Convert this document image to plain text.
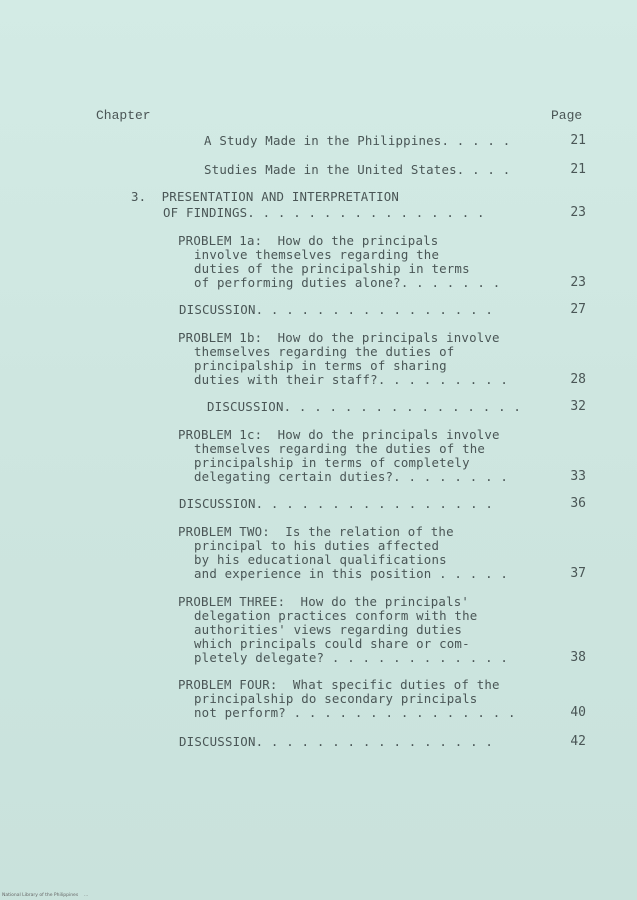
Chapter	Page
A Study Made in the Philippines. . . . .	21
Studies Made in the United States. . . .	21
3.  PRESENTATION AND INTERPRETATION
OF FINDINGS. . . . . . . . . . . . . . . .	23
PROBLEM 1a:  How do the principals
involve themselves regarding the
duties of the principalship in terms
of performing duties alone?. . . . . . .	23
DISCUSSION. . . . . . . . . . . . . . . .	27
PROBLEM 1b:  How do the principals involve
themselves regarding the duties of
principalship in terms of sharing
duties with their staff?. . . . . . . . .	28
DISCUSSION. . . . . . . . . . . . . . . .	32
PROBLEM 1c:  How do the principals involve
themselves regarding the duties of the
principalship in terms of completely
delegating certain duties?. . . . . . . .	33
DISCUSSION. . . . . . . . . . . . . . . .	36
PROBLEM TWO:  Is the relation of the
principal to his duties affected
by his educational qualifications
and experience in this position . . . . .	37
PROBLEM THREE:  How do the principals'
delegation practices conform with the
authorities' views regarding duties
which principals could share or com-
pletely delegate? . . . . . . . . . . . .	38
PROBLEM FOUR:  What specific duties of the
principalship do secondary principals
not perform? . . . . . . . . . . . . . . .	40
DISCUSSION. . . . . . . . . . . . . . . .	42
National Library of the Philippines    ...
